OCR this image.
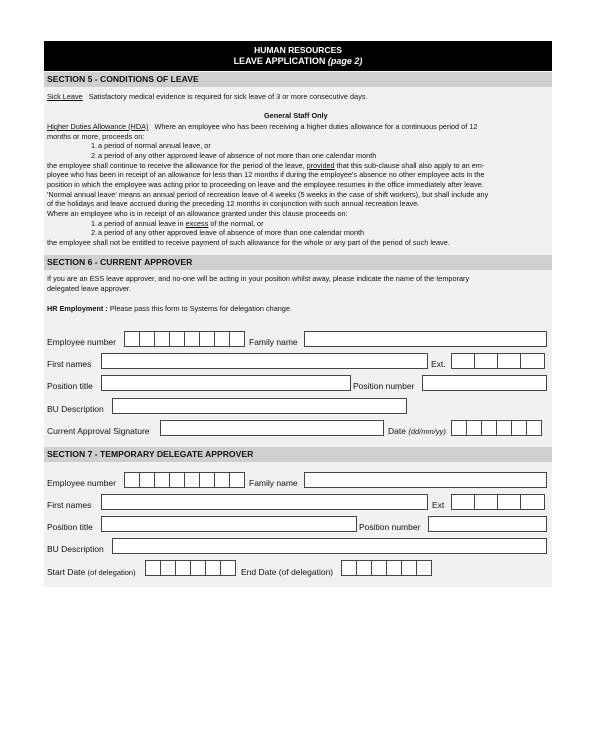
HUMAN RESOURCES
LEAVE APPLICATION (page 2)
SECTION 5 - CONDITIONS OF LEAVE
Sick Leave Satisfactory medical evidence is required for sick leave of 3 or more consecutive days.
General Staff Only
Higher Duties Allowance (HDA) Where an employee who has been receiving a higher duties allowance for a continuous period of 12
months or more, proceeds on:
1. a period of normal annual leave, or
2. a period of any other approved leave of absence of not more than one calendar month
the employee shall continue to receive the allowance for the period of the leave, provided that this sub-clause shall also apply to an em-
ployee who has been in receipt of an allowance for less than 12 months if during the employee's absence no other employee acts in the
position in which the employee was acting prior to proceeding on leave and the employee resumes in the office immediately after leave.
'Normal annual leave' means an annual period of recreation leave of 4 weeks (5 weeks in the case of shift workers), but shall include any
of the holidays and leave accrued during the preceding 12 months in conjunction with such annual recreation leave.
Where an employee who is in receipt of an allowance granted under this clause proceeds on:
1. a period of annual leave in excess of the normal, or
2. a period of any other approved leave of absence of more than one calendar month
the employee shall not be entitled to receive payment of such allowance for the whole or any part of the period of such leave.
SECTION 6 - CURRENT APPROVER
If you are an ESS leave approver, and no-one will be acting in your position whilst away, please indicate the name of the temporary
delegated leave approver.
HR Employment : Please pass this form to Systems for delegation change.
Employee number	Family name
First names	Ext.
Position title	Position number
BU Description
Current Approval Signature	Date (dd/mm/yy)
SECTION 7 - TEMPORARY DELEGATE APPROVER
Employee number	Family name
First names	Ext
Position title	Position number
BU Description
Start Date (of delegation)	End Date (of delegation)
